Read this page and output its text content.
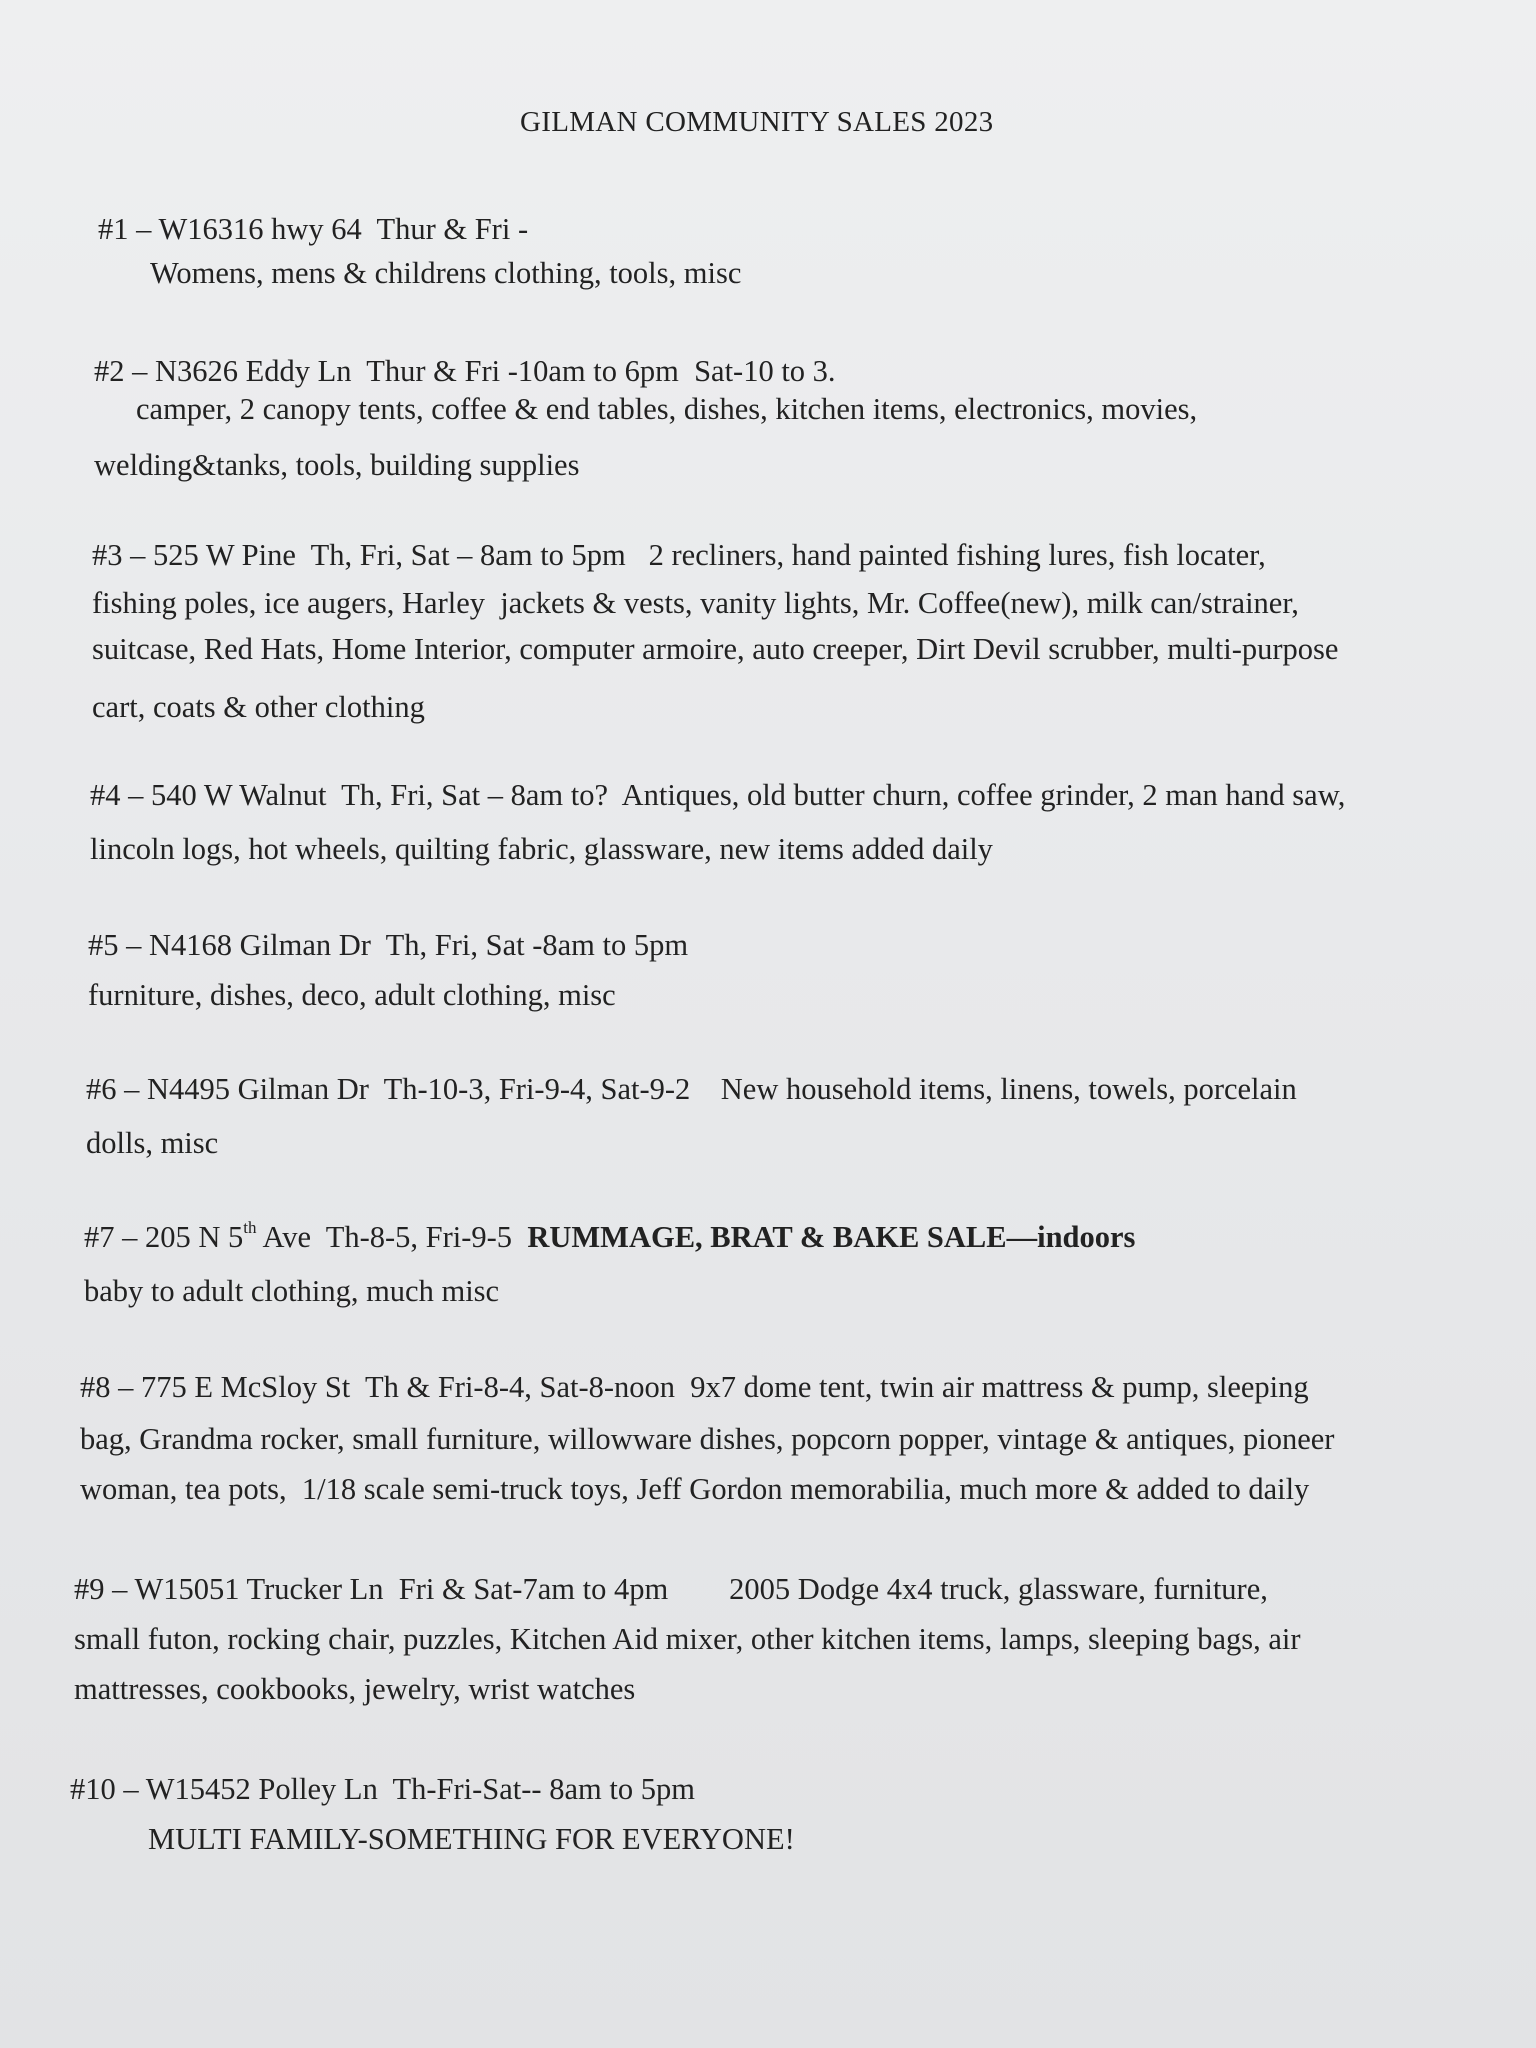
GILMAN COMMUNITY SALES 2023
#1 – W16316 hwy 64  Thur & Fri -
Womens, mens & childrens clothing, tools, misc
#2 – N3626 Eddy Ln  Thur & Fri -10am to 6pm  Sat-10 to 3.
camper, 2 canopy tents, coffee & end tables, dishes, kitchen items, electronics, movies,
welding&tanks, tools, building supplies
#3 – 525 W Pine  Th, Fri, Sat – 8am to 5pm   2 recliners, hand painted fishing lures, fish locater,
fishing poles, ice augers, Harley  jackets & vests, vanity lights, Mr. Coffee(new), milk can/strainer,
suitcase, Red Hats, Home Interior, computer armoire, auto creeper, Dirt Devil scrubber, multi-purpose
cart, coats & other clothing
#4 – 540 W Walnut  Th, Fri, Sat – 8am to?  Antiques, old butter churn, coffee grinder, 2 man hand saw,
lincoln logs, hot wheels, quilting fabric, glassware, new items added daily
#5 – N4168 Gilman Dr  Th, Fri, Sat -8am to 5pm
furniture, dishes, deco, adult clothing, misc
#6 – N4495 Gilman Dr  Th-10-3, Fri-9-4, Sat-9-2    New household items, linens, towels, porcelain
dolls, misc
#7 – 205 N 5th Ave  Th-8-5, Fri-9-5  RUMMAGE, BRAT & BAKE SALE—indoors
baby to adult clothing, much misc
#8 – 775 E McSloy St  Th & Fri-8-4, Sat-8-noon  9x7 dome tent, twin air mattress & pump, sleeping
bag, Grandma rocker, small furniture, willowware dishes, popcorn popper, vintage & antiques, pioneer
woman, tea pots,  1/18 scale semi-truck toys, Jeff Gordon memorabilia, much more & added to daily
#9 – W15051 Trucker Ln  Fri & Sat-7am to 4pm        2005 Dodge 4x4 truck, glassware, furniture,
small futon, rocking chair, puzzles, Kitchen Aid mixer, other kitchen items, lamps, sleeping bags, air
mattresses, cookbooks, jewelry, wrist watches
#10 – W15452 Polley Ln  Th-Fri-Sat-- 8am to 5pm
MULTI FAMILY-SOMETHING FOR EVERYONE!
